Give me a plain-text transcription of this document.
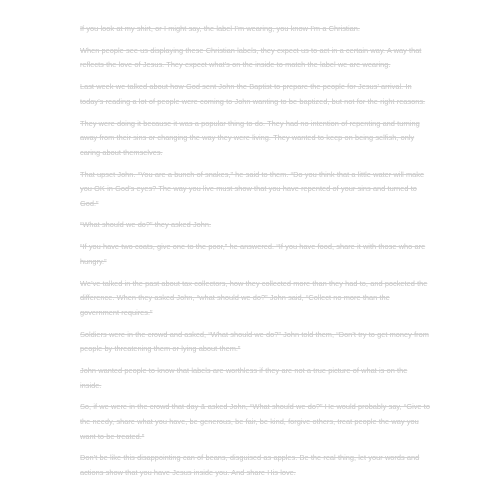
If you look at my shirt, or I might say, the label I’m wearing, you know I’m a Christian.

When people see us displaying these Christian labels, they expect us to act in a certain way. A way that reflects the love of Jesus. They expect what’s on the inside to match the label we are wearing.

Last week we talked about how God sent John the Baptist to prepare the people for Jesus’ arrival. In today’s reading a lot of people were coming to John wanting to be baptized, but not for the right reasons.

They were doing it because it was a popular thing to do. They had no intention of repenting and turning away from their sins or changing the way they were living. They wanted to keep on being selfish, only caring about themselves.

That upset John. “You are a bunch of snakes,” he said to them. “Do you think that a little water will make you OK in God’s eyes? The way you live must show that you have repented of your sins and turned to God.”

“What should we do?” they asked John.

“If you have two coats, give one to the poor,” he answered. “If you have food, share it with those who are hungry.”

We’ve talked in the past about tax collectors, how they collected more than they had to, and pocketed the difference. When they asked John, “what should we do?” John said, “Collect no more than the government requires.”

Soldiers were in the crowd and asked, “What should we do?” John told them, “Don’t try to get money from people by threatening them or lying about them.”

John wanted people to know that labels are worthless if they are not a true picture of what is on the inside.

So, if we were in the crowd that day & asked John, “What should we do?” He would probably say, “Give to the needy, share what you have, be generous, be fair, be kind, forgive others, treat people the way you want to be treated.”

Don’t be like this disappointing can of beans, disguised as apples. Be the real thing, let your words and actions show that you have Jesus inside you. And share His love.
